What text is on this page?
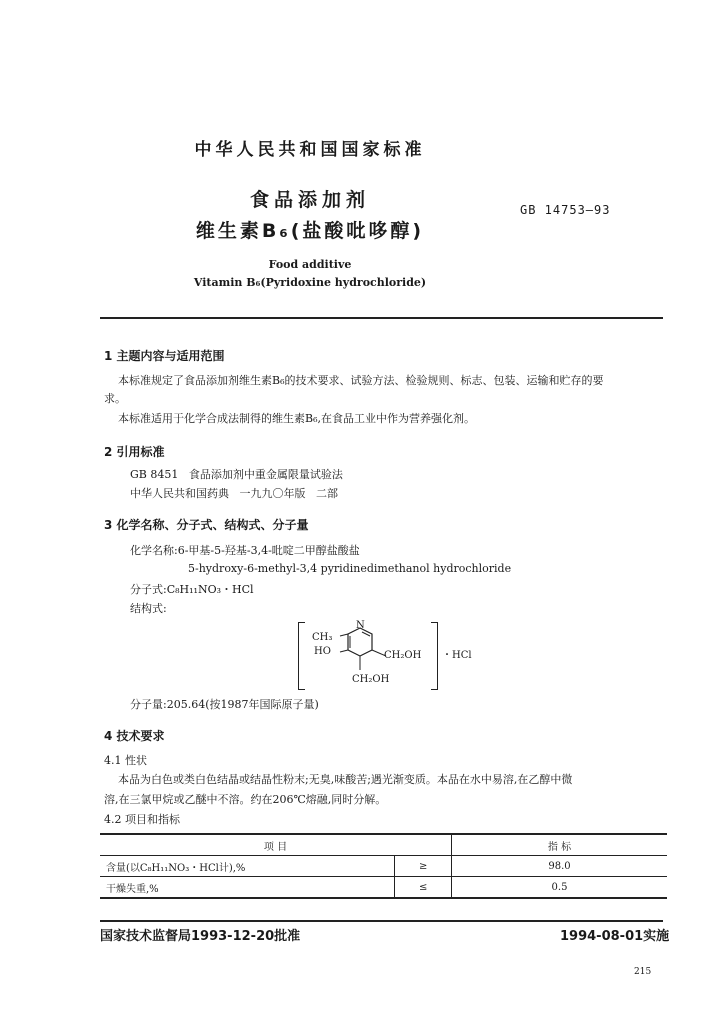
中华人民共和国国家标准
食品添加剂
维生素B₆(盐酸吡哆醇)
GB 14753—93
Food additive
Vitamin B₆(Pyridoxine hydrochloride)
1 主题内容与适用范围
本标准规定了食品添加剂维生素B₆的技术要求、试验方法、检验规则、标志、包装、运输和贮存的要
求。
本标准适用于化学合成法制得的维生素B₆,在食品工业中作为营养强化剂。
2 引用标准
GB 8451   食品添加剂中重金属限量试验法
中华人民共和国药典   一九九〇年版   二部
3 化学名称、分子式、结构式、分子量
化学名称:6-甲基-5-羟基-3,4-吡啶二甲醇盐酸盐
5-hydroxy-6-methyl-3,4 pyridinedimethanol hydrochloride
分子式:C₈H₁₁NO₃・HCl
结构式:
N
CH₃
HO	CH₂OH
CH₂OH
・HCl
分子量:205.64(按1987年国际原子量)
4 技术要求
4.1 性状
本品为白色或类白色结晶或结晶性粉末;无臭,味酸苦;遇光渐变质。本品在水中易溶,在乙醇中微
溶,在三氯甲烷或乙醚中不溶。约在206℃熔融,同时分解。
4.2 项目和指标
项 目		指 标
含量(以C₈H₁₁NO₃・HCl计),%	≥	98.0
干燥失重,%	≤	0.5
国家技术监督局1993-12-20批准	1994-08-01实施
215
